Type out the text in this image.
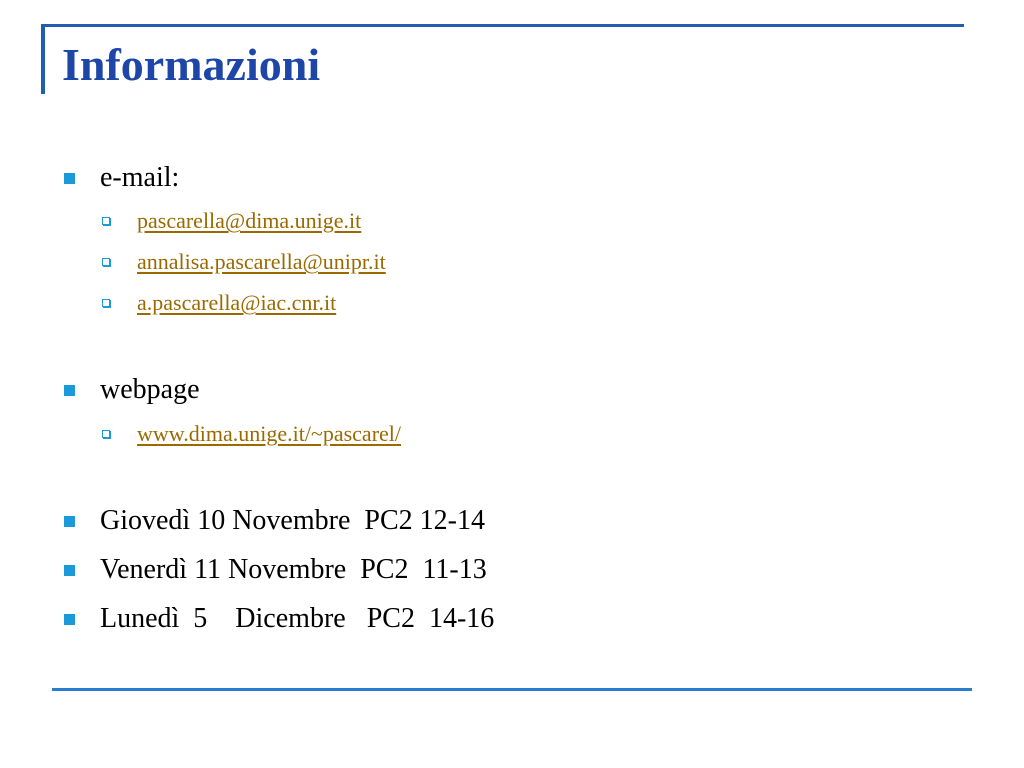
Informazioni
e-mail:
pascarella@dima.unige.it
annalisa.pascarella@unipr.it
a.pascarella@iac.cnr.it
webpage
www.dima.unige.it/~pascarel/
Giovedì 10 Novembre  PC2 12-14
Venerdì 11 Novembre  PC2  11-13
Lunedì  5    Dicembre   PC2  14-16
